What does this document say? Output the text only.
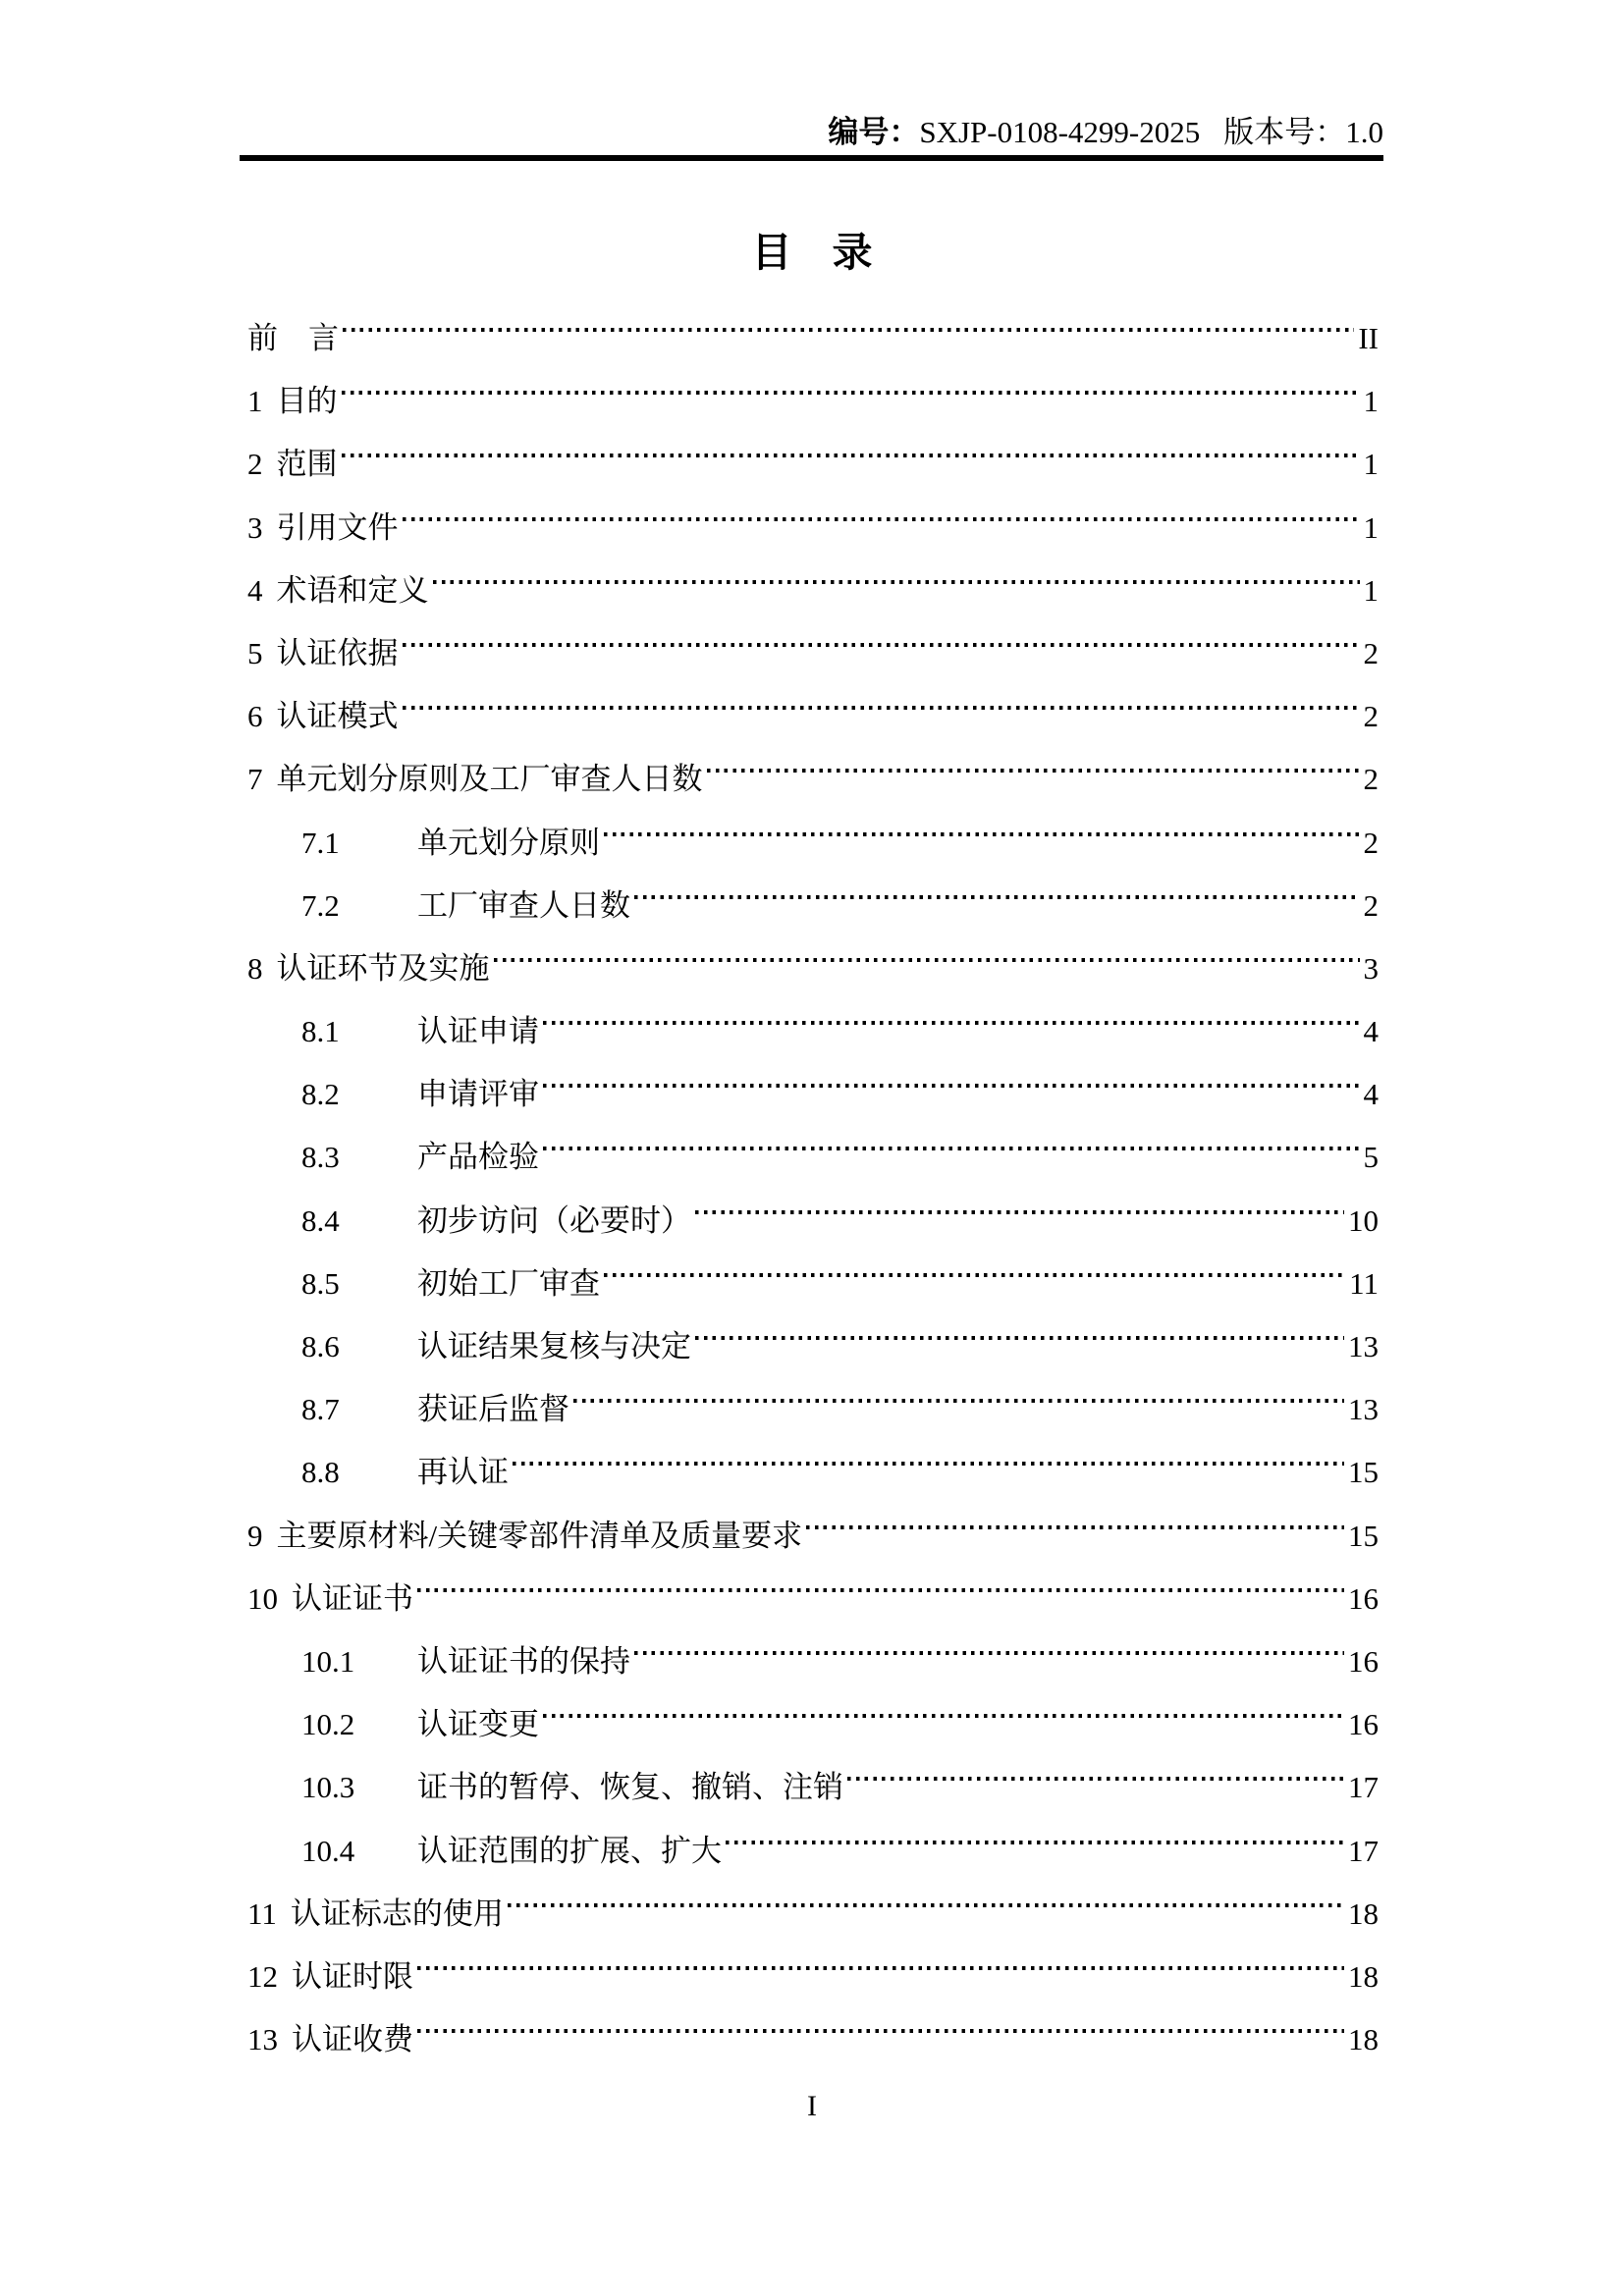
编号：SXJP-0108-4299-2025 版本号：1.0
目　录
前　言	II
1 目的	1
2 范围	1
3 引用文件	1
4 术语和定义	1
5 认证依据	2
6 认证模式	2
7 单元划分原则及工厂审查人日数	2
7.1	单元划分原则	2
7.2	工厂审查人日数	2
8 认证环节及实施	3
8.1	认证申请	4
8.2	申请评审	4
8.3	产品检验	5
8.4	初步访问（必要时）	10
8.5	初始工厂审查	11
8.6	认证结果复核与决定	13
8.7	获证后监督	13
8.8	再认证	15
9 主要原材料/关键零部件清单及质量要求	15
10 认证证书	16
10.1	认证证书的保持	16
10.2	认证变更	16
10.3	证书的暂停、恢复、撤销、注销	17
10.4	认证范围的扩展、扩大	17
11 认证标志的使用	18
12 认证时限	18
13 认证收费	18
I
